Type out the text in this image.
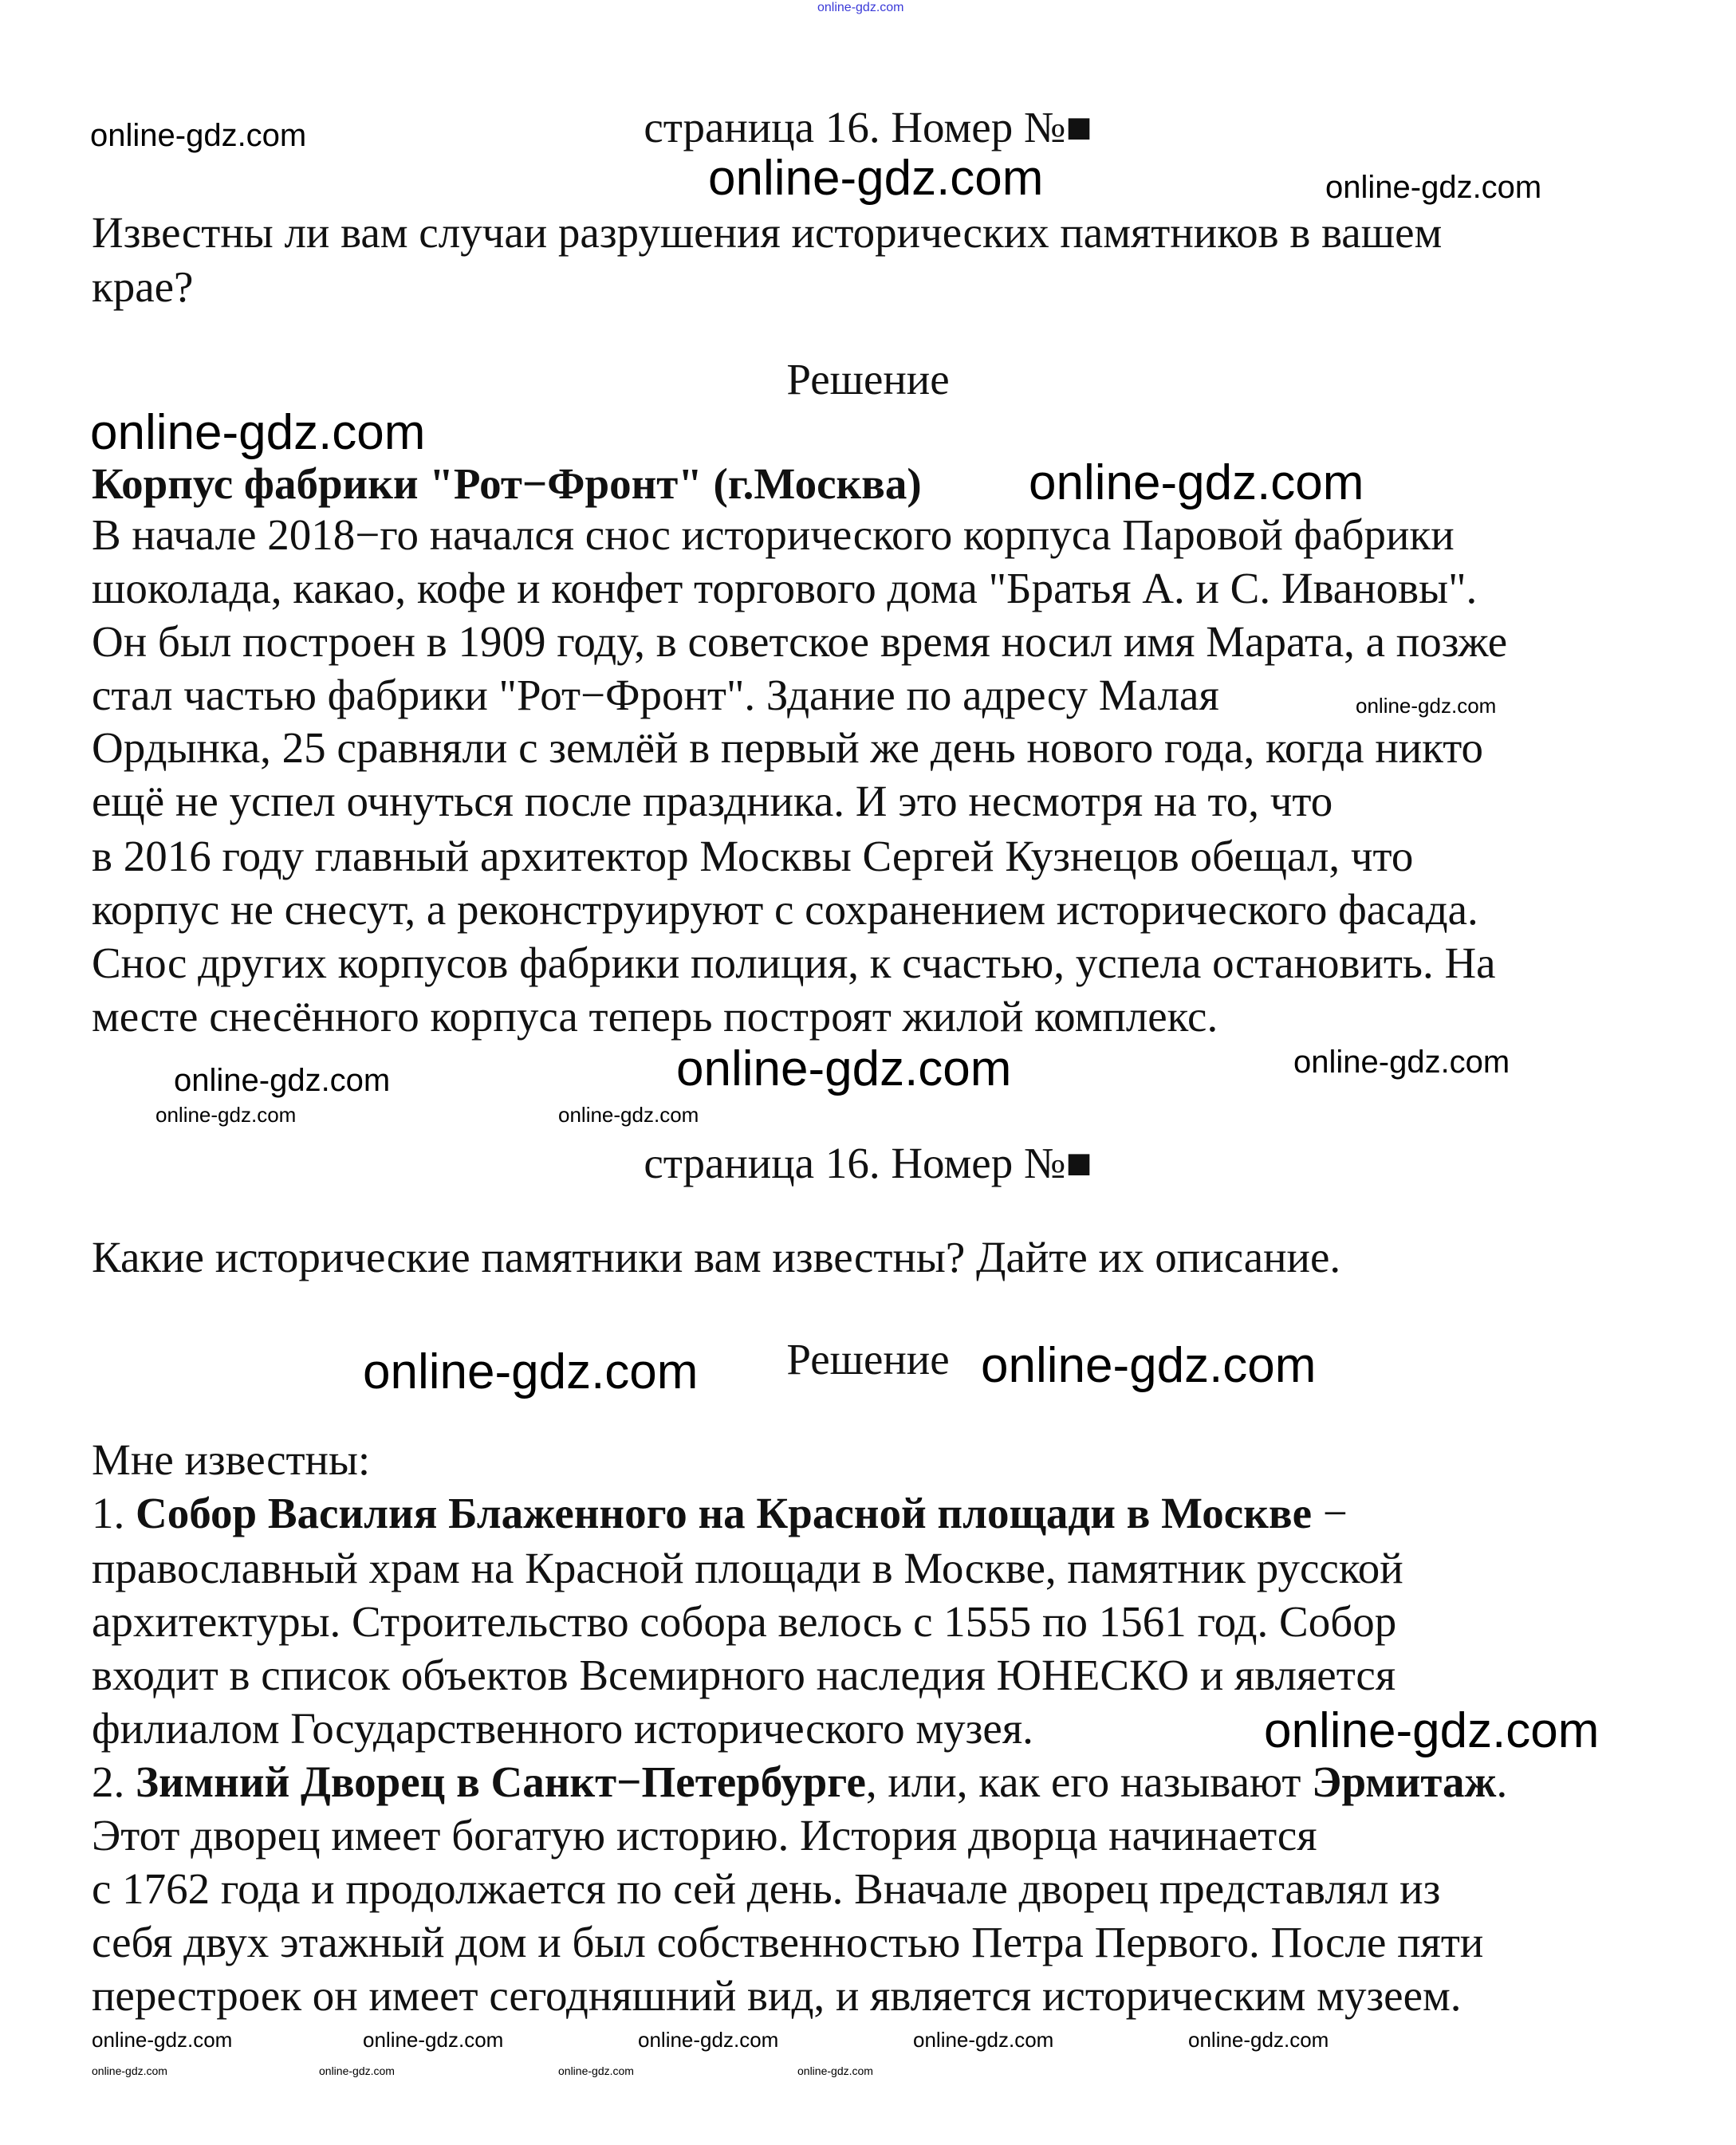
online-gdz.com
страница 16. Номер №■
Известны ли вам случаи разрушения исторических памятников в вашем
крае?
Решение
Корпус фабрики "Рот−Фронт" (г.Москва)
В начале 2018−го начался снос исторического корпуса Паровой фабрики
шоколада, какао, кофе и конфет торгового дома "Братья А. и С. Ивановы".
Он был построен в 1909 году, в советское время носил имя Марата, а позже
стал частью фабрики "Рот−Фронт". Здание по адресу Малая
Ордынка, 25 сравняли с землёй в первый же день нового года, когда никто
ещё не успел очнуться после праздника. И это несмотря на то, что
в 2016 году главный архитектор Москвы Сергей Кузнецов обещал, что
корпус не снесут, а реконструируют с сохранением исторического фасада.
Снос других корпусов фабрики полиция, к счастью, успела остановить. На
месте снесённого корпуса теперь построят жилой комплекс.
страница 16. Номер №■
Какие исторические памятники вам известны? Дайте их описание.
Решение
Мне известны:
1. Собор Василия Блаженного на Красной площади в Москве −
православный храм на Красной площади в Москве, памятник русской
архитектуры. Строительство собора велось с 1555 по 1561 год. Собор
входит в список объектов Всемирного наследия ЮНЕСКО и является
филиалом Государственного исторического музея.
2. Зимний Дворец в Санкт−Петербурге, или, как его называют Эрмитаж.
Этот дворец имеет богатую историю. История дворца начинается
с 1762 года и продолжается по сей день. Вначале дворец представлял из
себя двух этажный дом и был собственностью Петра Первого. После пяти
перестроек он имеет сегодняшний вид, и является историческим музеем.
online-gdz.com
online-gdz.com	online-gdz.com
online-gdz.com
online-gdz.com
online-gdz.com
online-gdz.com	online-gdz.com
online-gdz.com
online-gdz.com	online-gdz.com
online-gdz.com	online-gdz.com
online-gdz.com
online-gdz.com	online-gdz.com	online-gdz.com	online-gdz.com	online-gdz.com
online-gdz.com	online-gdz.com	online-gdz.com	online-gdz.com
